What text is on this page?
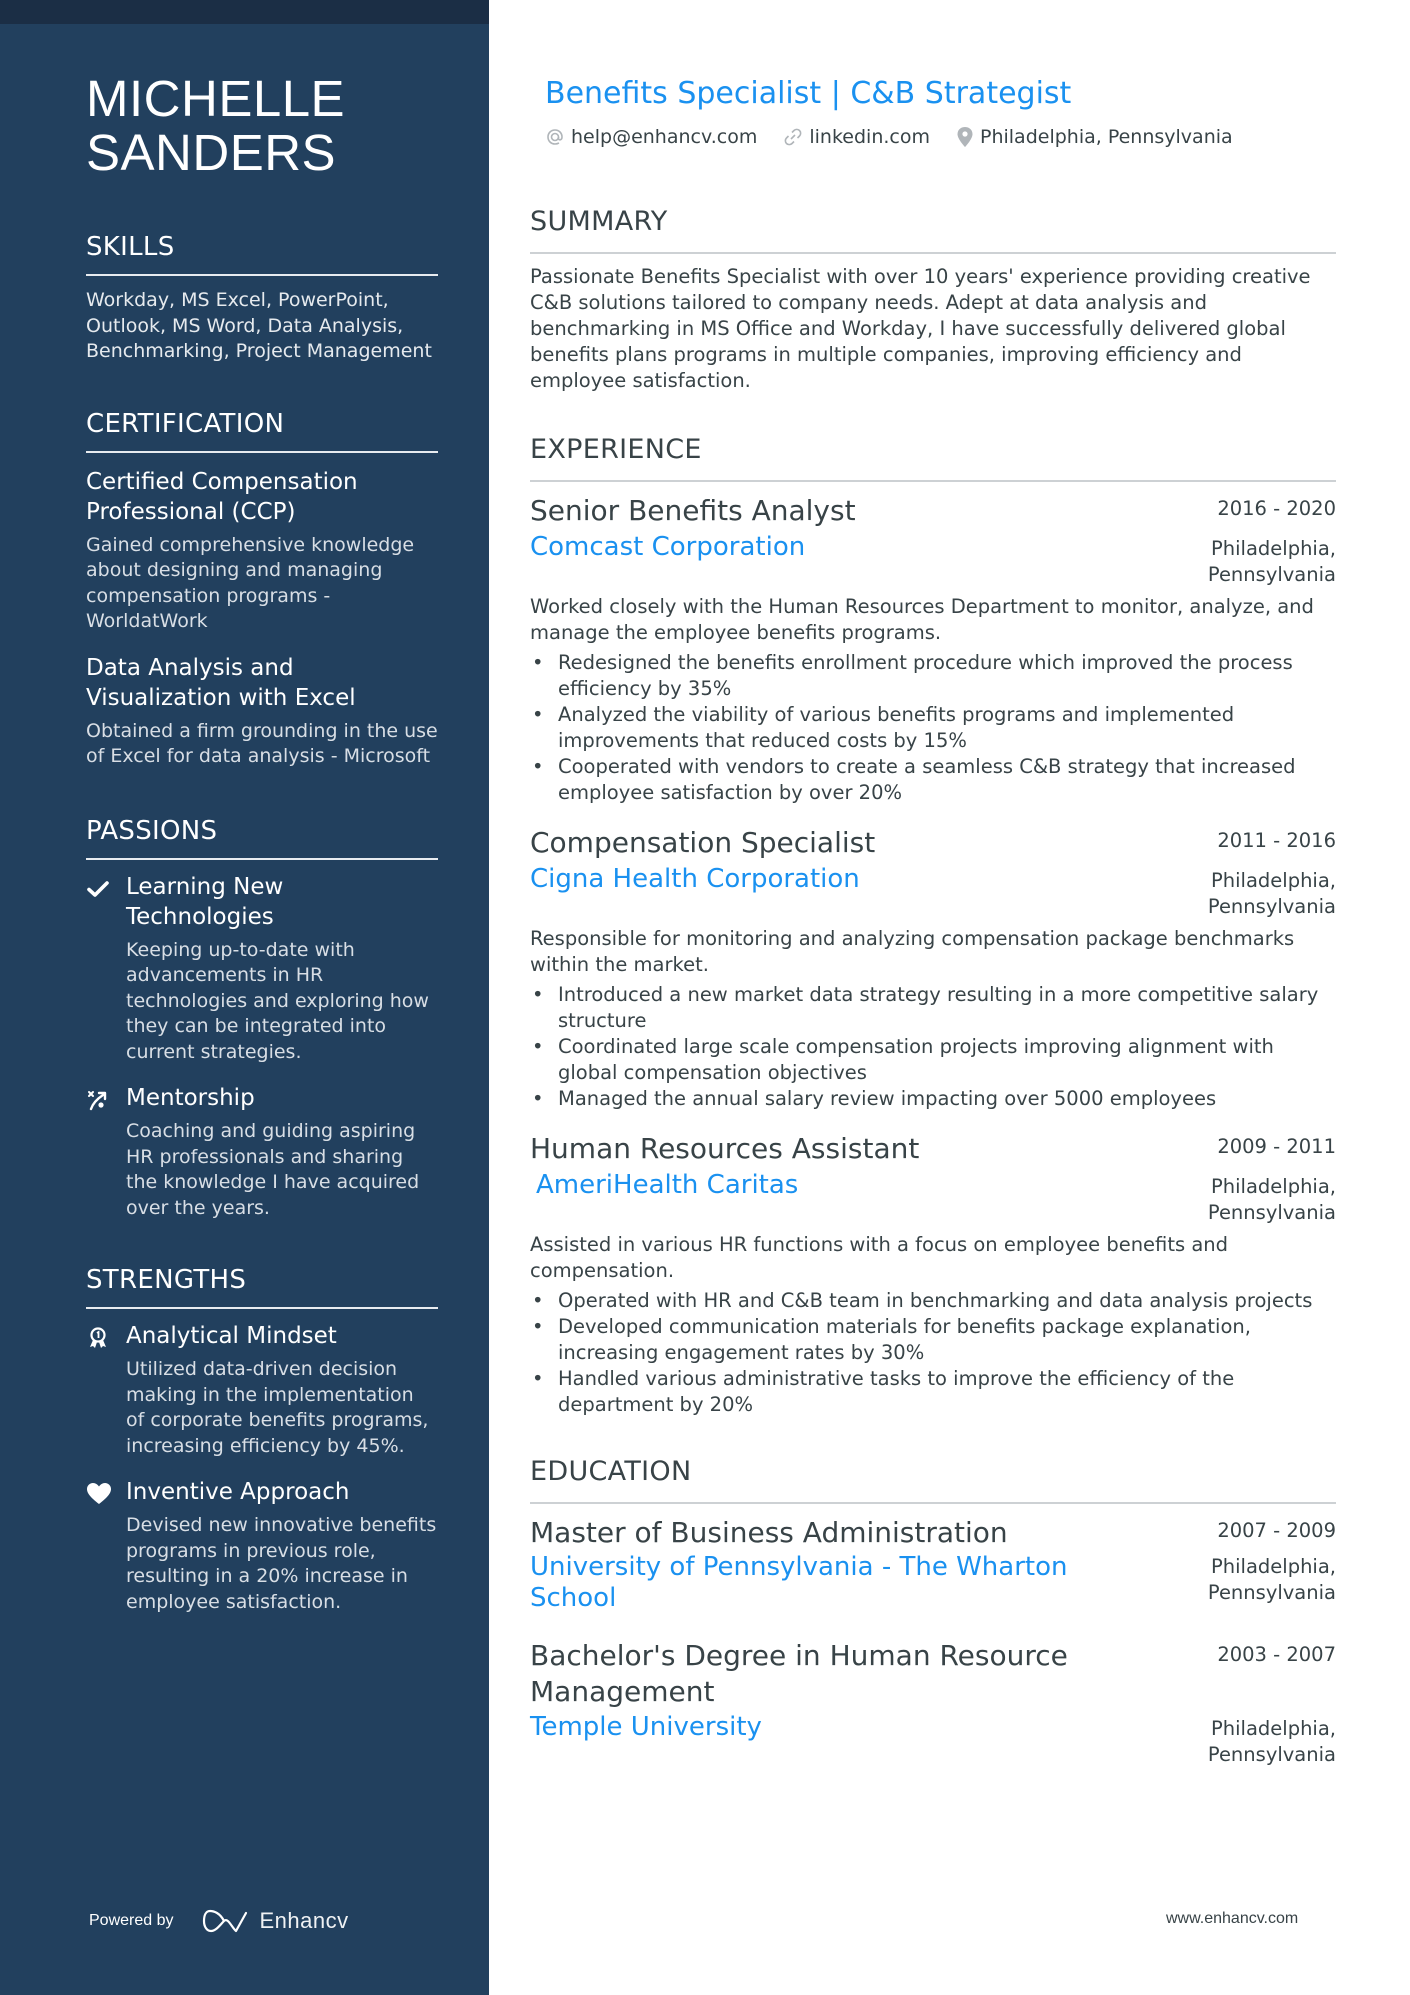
MICHELLE
SANDERS
SKILLS
Workday, MS Excel, PowerPoint, Outlook, MS Word, Data Analysis, Benchmarking, Project Management
CERTIFICATION
Certified Compensation Professional (CCP)
Gained comprehensive knowledge about designing and managing compensation programs - WorldatWork
Data Analysis and Visualization with Excel
Obtained a firm grounding in the use of Excel for data analysis - Microsoft
PASSIONS
Learning New Technologies
Keeping up-to-date with advancements in HR technologies and exploring how they can be integrated into current strategies.
Mentorship
Coaching and guiding aspiring HR professionals and sharing the knowledge I have acquired over the years.
STRENGTHS
Analytical Mindset
Utilized data-driven decision making in the implementation of corporate benefits programs, increasing efficiency by 45%.
Inventive Approach
Devised new innovative benefits programs in previous role, resulting in a 20% increase in employee satisfaction.
Powered by	Enhancv
Benefits Specialist | C&B Strategist
help@enhancv.com	linkedin.com	Philadelphia, Pennsylvania
SUMMARY
Passionate Benefits Specialist with over 10 years' experience providing creative C&B solutions tailored to company needs. Adept at data analysis and benchmarking in MS Office and Workday, I have successfully delivered global benefits plans programs in multiple companies, improving efficiency and employee satisfaction.
EXPERIENCE
Senior Benefits Analyst	2016 - 2020
Comcast Corporation	Philadelphia,
Pennsylvania
Worked closely with the Human Resources Department to monitor, analyze, and manage the employee benefits programs.
• Redesigned the benefits enrollment procedure which improved the process efficiency by 35%
• Analyzed the viability of various benefits programs and implemented improvements that reduced costs by 15%
• Cooperated with vendors to create a seamless C&B strategy that increased employee satisfaction by over 20%
Compensation Specialist	2011 - 2016
Cigna Health Corporation	Philadelphia,
Pennsylvania
Responsible for monitoring and analyzing compensation package benchmarks within the market.
• Introduced a new market data strategy resulting in a more competitive salary structure
• Coordinated large scale compensation projects improving alignment with global compensation objectives
• Managed the annual salary review impacting over 5000 employees
Human Resources Assistant	2009 - 2011
AmeriHealth Caritas	Philadelphia,
Pennsylvania
Assisted in various HR functions with a focus on employee benefits and compensation.
• Operated with HR and C&B team in benchmarking and data analysis projects
• Developed communication materials for benefits package explanation, increasing engagement rates by 30%
• Handled various administrative tasks to improve the efficiency of the department by 20%
EDUCATION
Master of Business Administration	2007 - 2009
University of Pennsylvania - The Wharton School
Philadelphia,
Pennsylvania
Bachelor's Degree in Human Resource Management
2003 - 2007
Temple University	Philadelphia,
Pennsylvania
www.enhancv.com
